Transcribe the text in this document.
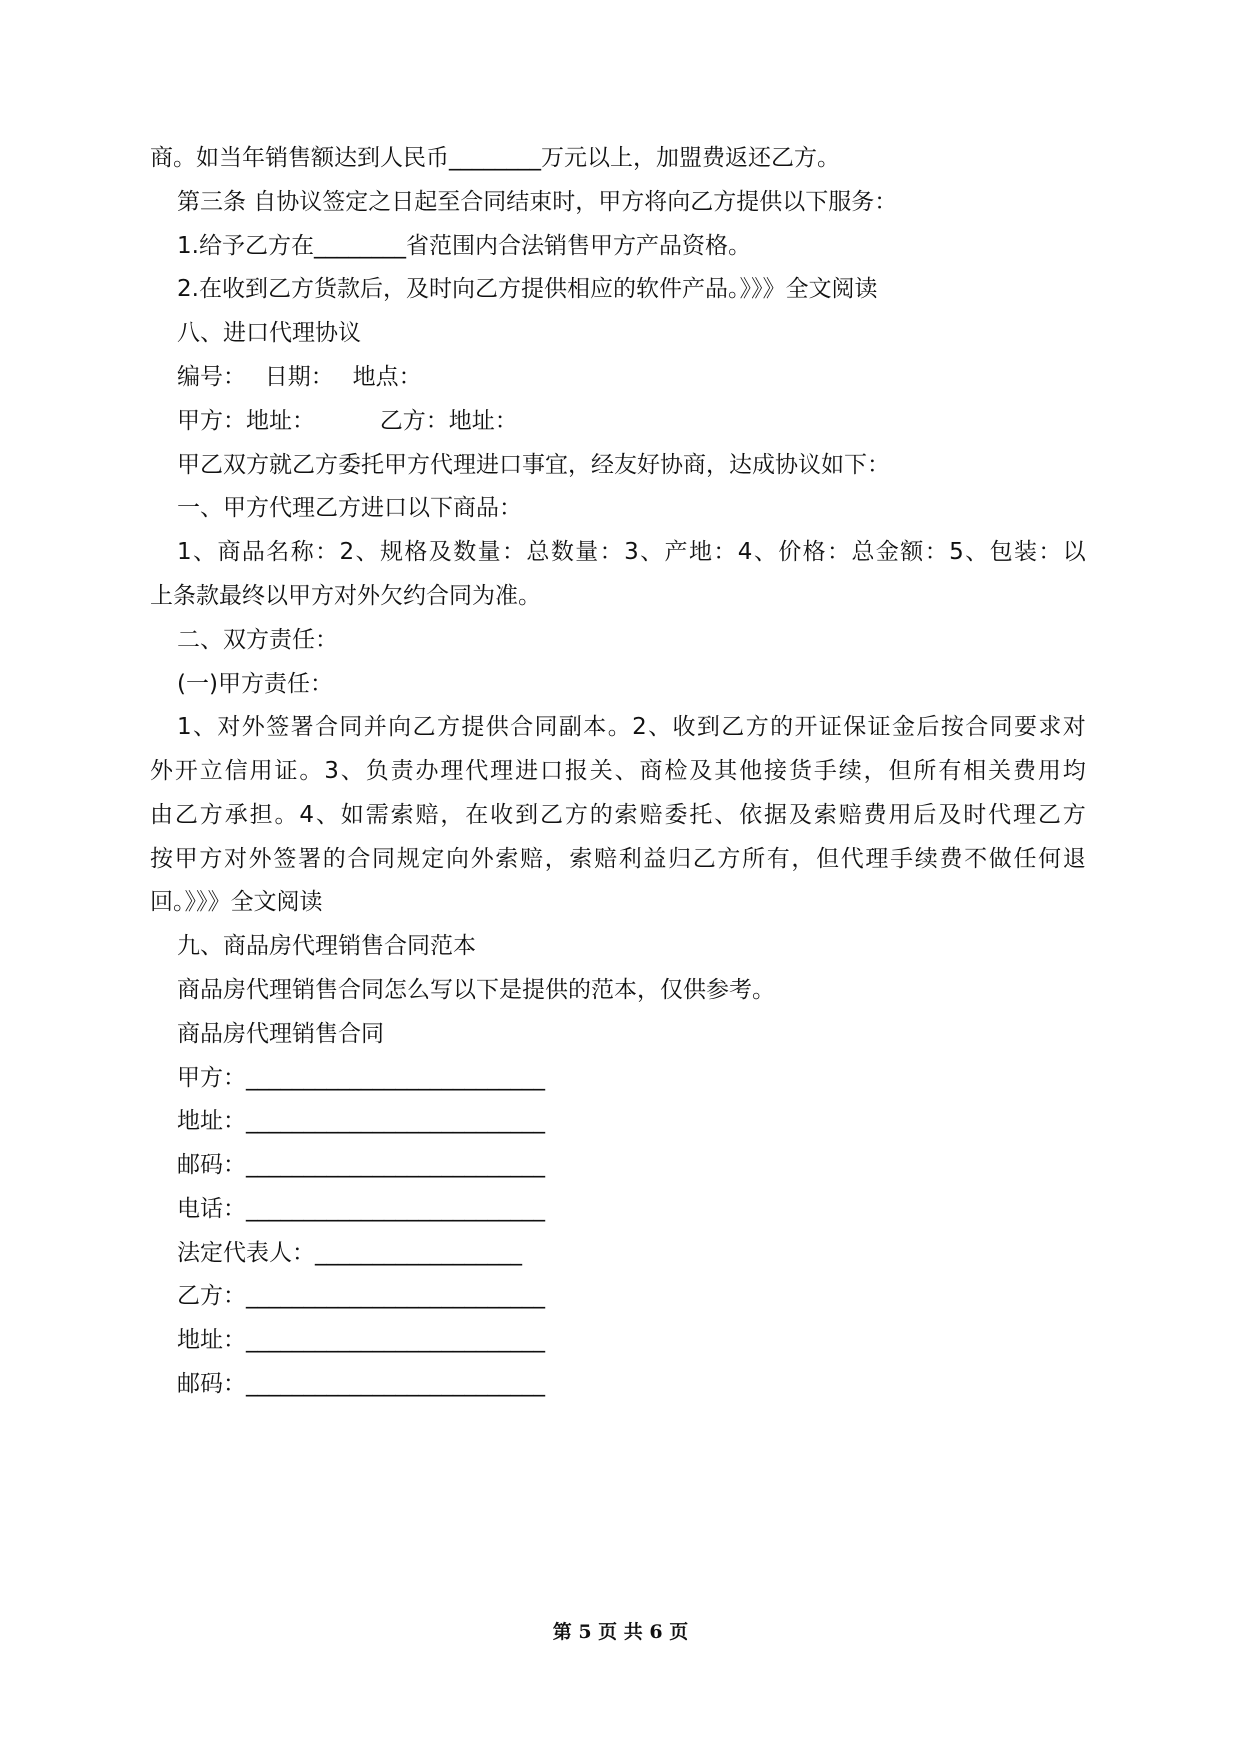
商。如当年销售额达到人民币________万元以上，加盟费返还乙方。
第三条 自协议签定之日起至合同结束时，甲方将向乙方提供以下服务：
1.给予乙方在________省范围内合法销售甲方产品资格。
2.在收到乙方货款后，及时向乙方提供相应的软件产品。》》》全文阅读
八、进口代理协议
编号：　 日期：　 地点：
甲方：地址：　　　 乙方：地址：
甲乙双方就乙方委托甲方代理进口事宜，经友好协商，达成协议如下：
一、甲方代理乙方进口以下商品：
1、商品名称：2、规格及数量：总数量：3、产地：4、价格：总金额：5、包装：以
上条款最终以甲方对外欠约合同为准。
二、双方责任：
(一)甲方责任：
1、对外签署合同并向乙方提供合同副本。2、收到乙方的开证保证金后按合同要求对
外开立信用证。3、负责办理代理进口报关、商检及其他接货手续，但所有相关费用均
由乙方承担。4、如需索赔，在收到乙方的索赔委托、依据及索赔费用后及时代理乙方
按甲方对外签署的合同规定向外索赔，索赔利益归乙方所有，但代理手续费不做任何退
回。》》》全文阅读
九、商品房代理销售合同范本
商品房代理销售合同怎么写以下是提供的范本，仅供参考。
商品房代理销售合同
甲方：__________________________
地址：__________________________
邮码：__________________________
电话：__________________________
法定代表人：__________________
乙方：__________________________
地址：__________________________
邮码：__________________________
第 5 页 共 6 页
